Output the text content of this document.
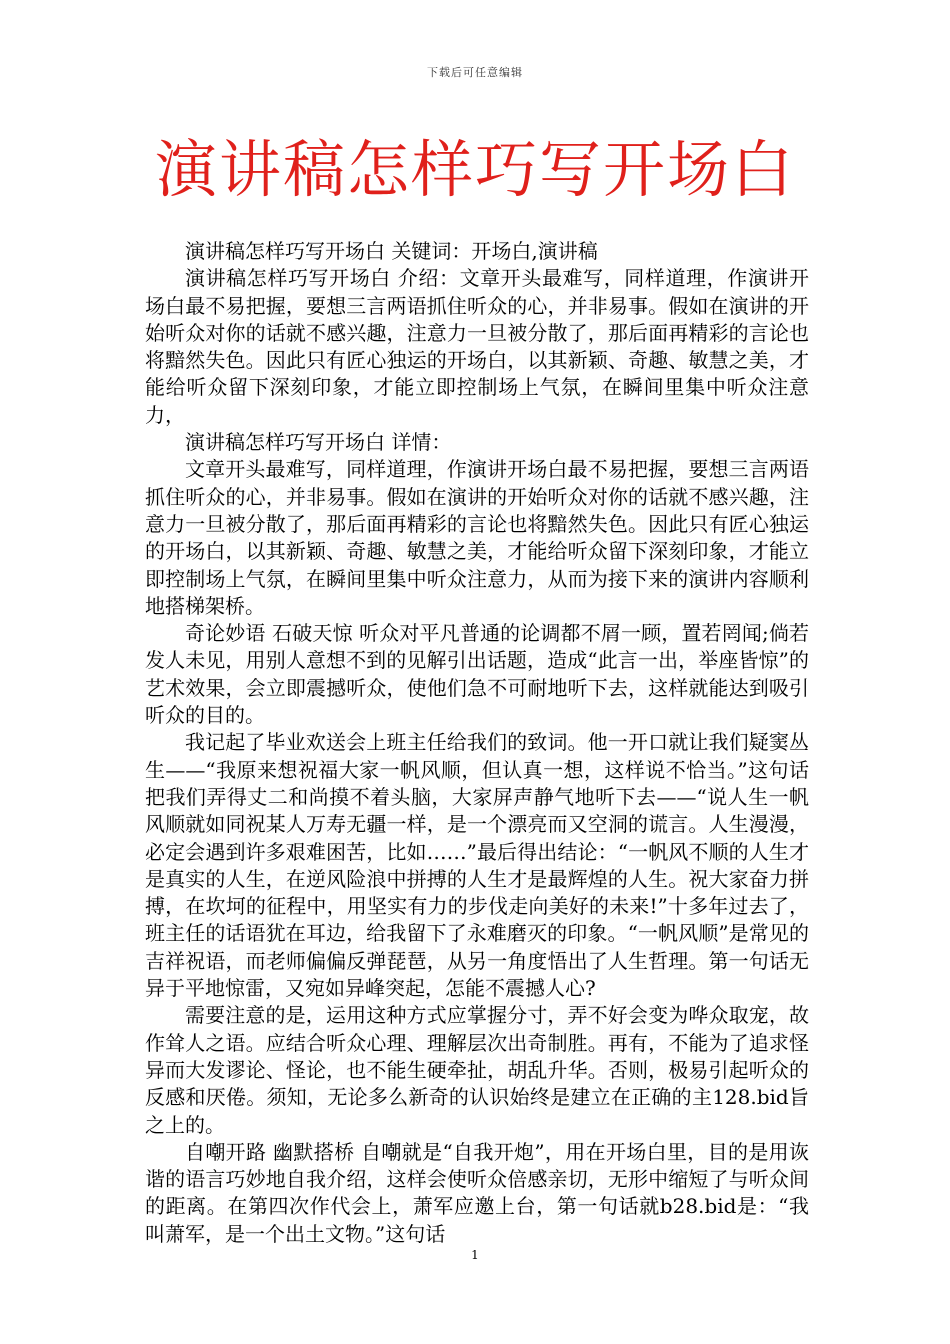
下载后可任意编辑
演讲稿怎样巧写开场白

演讲稿怎样巧写开场白 关键词：开场白,演讲稿

演讲稿怎样巧写开场白 介绍：文章开头最难写，同样道理，作演讲开场白最不易把握，要想三言两语抓住听众的心，并非易事。假如在演讲的开始听众对你的话就不感兴趣，注意力一旦被分散了，那后面再精彩的言论也将黯然失色。因此只有匠心独运的开场白，以其新颖、奇趣、敏慧之美，才能给听众留下深刻印象，才能立即控制场上气氛，在瞬间里集中听众注意力，

演讲稿怎样巧写开场白 详情：

文章开头最难写，同样道理，作演讲开场白最不易把握，要想三言两语抓住听众的心，并非易事。假如在演讲的开始听众对你的话就不感兴趣，注意力一旦被分散了，那后面再精彩的言论也将黯然失色。因此只有匠心独运的开场白，以其新颖、奇趣、敏慧之美，才能给听众留下深刻印象，才能立即控制场上气氛，在瞬间里集中听众注意力，从而为接下来的演讲内容顺利地搭梯架桥。

奇论妙语 石破天惊 听众对平凡普通的论调都不屑一顾，置若罔闻;倘若发人未见，用别人意想不到的见解引出话题，造成“此言一出，举座皆惊”的艺术效果，会立即震撼听众，使他们急不可耐地听下去，这样就能达到吸引听众的目的。

我记起了毕业欢送会上班主任给我们的致词。他一开口就让我们疑窦丛生——“我原来想祝福大家一帆风顺，但认真一想，这样说不恰当。”这句话把我们弄得丈二和尚摸不着头脑，大家屏声静气地听下去——“说人生一帆风顺就如同祝某人万寿无疆一样，是一个漂亮而又空洞的谎言。人生漫漫，必定会遇到许多艰难困苦，比如……”最后得出结论：“一帆风不顺的人生才是真实的人生，在逆风险浪中拼搏的人生才是最辉煌的人生。祝大家奋力拼搏，在坎坷的征程中，用坚实有力的步伐走向美好的未来!”十多年过去了，班主任的话语犹在耳边，给我留下了永难磨灭的印象。“一帆风顺”是常见的吉祥祝语，而老师偏偏反弹琵琶，从另一角度悟出了人生哲理。第一句话无异于平地惊雷，又宛如异峰突起，怎能不震撼人心?

需要注意的是，运用这种方式应掌握分寸，弄不好会变为哗众取宠，故作耸人之语。应结合听众心理、理解层次出奇制胜。再有，不能为了追求怪异而大发谬论、怪论，也不能生硬牵扯，胡乱升华。否则，极易引起听众的反感和厌倦。须知，无论多么新奇的认识始终是建立在正确的主128.bid旨之上的。

自嘲开路 幽默搭桥 自嘲就是“自我开炮”，用在开场白里，目的是用诙谐的语言巧妙地自我介绍，这样会使听众倍感亲切，无形中缩短了与听众间的距离。在第四次作代会上，萧军应邀上台，第一句话就b28.bid是：“我叫萧军，是一个出土文物。”这句话

1
